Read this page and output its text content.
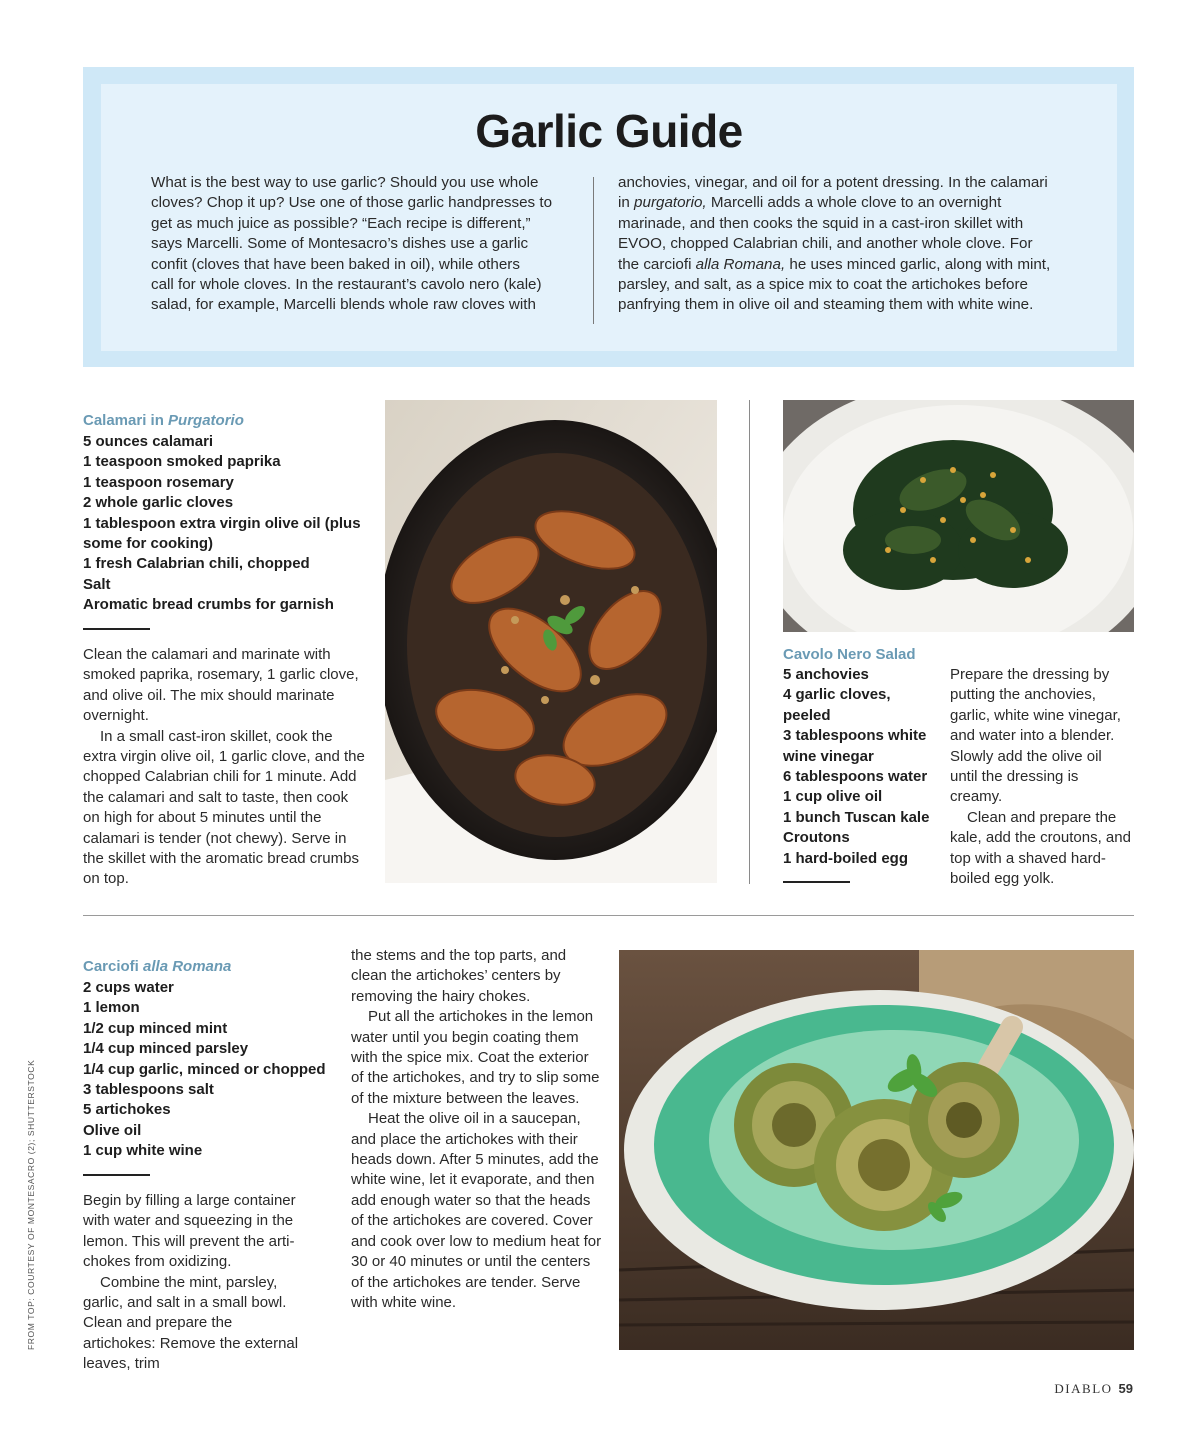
Garlic Guide
What is the best way to use garlic? Should you use whole
cloves? Chop it up? Use one of those garlic handpresses to
get as much juice as possible? “Each recipe is different,”
says Marcelli. Some of Montesacro’s dishes use a garlic
confit (cloves that have been baked in oil), while others
call for whole cloves. In the restaurant’s cavolo nero (kale)
salad, for example, Marcelli blends whole raw cloves with
anchovies, vinegar, and oil for a potent dressing. In the calamari
in purgatorio, Marcelli adds a whole clove to an overnight
marinade, and then cooks the squid in a cast-iron skillet with
EVOO, chopped Calabrian chili, and another whole clove. For
the carciofi alla Romana, he uses minced garlic, along with mint,
parsley, and salt, as a spice mix to coat the artichokes before
panfrying them in olive oil and steaming them with white wine.
Calamari in Purgatorio
5 ounces calamari
1 teaspoon smoked paprika
1 teaspoon rosemary
2 whole garlic cloves
1 tablespoon extra virgin olive oil (plus
some for cooking)
1 fresh Calabrian chili, chopped
Salt
Aromatic bread crumbs for garnish

Clean the calamari and marinate with smoked paprika, rosemary, 1 garlic clove, and olive oil. The mix should marinate overnight.

In a small cast-iron skillet, cook the extra virgin olive oil, 1 garlic clove, and the chopped Calabrian chili for 1 minute. Add the calamari and salt to taste, then cook on high for about 5 minutes until the calamari is tender (not chewy). Serve in the skillet with the aromatic bread crumbs on top.

Cavolo Nero Salad
5 anchovies
4 garlic cloves,
peeled
3 tablespoons white
wine vinegar
6 tablespoons water
1 cup olive oil
1 bunch Tuscan kale
Croutons
1 hard-boiled egg

Prepare the dressing by putting the anchovies, garlic, white wine vinegar, and water into a blender. Slowly add the olive oil until the dressing is creamy.

Clean and prepare the kale, add the croutons, and top with a shaved hard-boiled egg yolk.

Carciofi alla Romana
2 cups water
1 lemon
1/2 cup minced mint
1/4 cup minced parsley
1/4 cup garlic, minced or chopped
3 tablespoons salt
5 artichokes
Olive oil
1 cup white wine

Begin by filling a large container with water and squeezing in the lemon. This will prevent the artichokes from oxidizing.

Combine the mint, parsley, garlic, and salt in a small bowl. Clean and prepare the artichokes: Remove the external leaves, trim

the stems and the top parts, and clean the artichokes’ centers by removing the hairy chokes.

Put all the artichokes in the lemon water until you begin coating them with the spice mix. Coat the exterior of the artichokes, and try to slip some of the mixture between the leaves.

Heat the olive oil in a saucepan, and place the artichokes with their heads down. After 5 minutes, add the white wine, let it evaporate, and then add enough water so that the heads of the artichokes are covered. Cover and cook over low to medium heat for 30 or 40 minutes or until the centers of the artichokes are tender. Serve with white wine.

FROM TOP: COURTESY OF MONTESACRO (2); SHUTTERSTOCK
DIABLO 59
